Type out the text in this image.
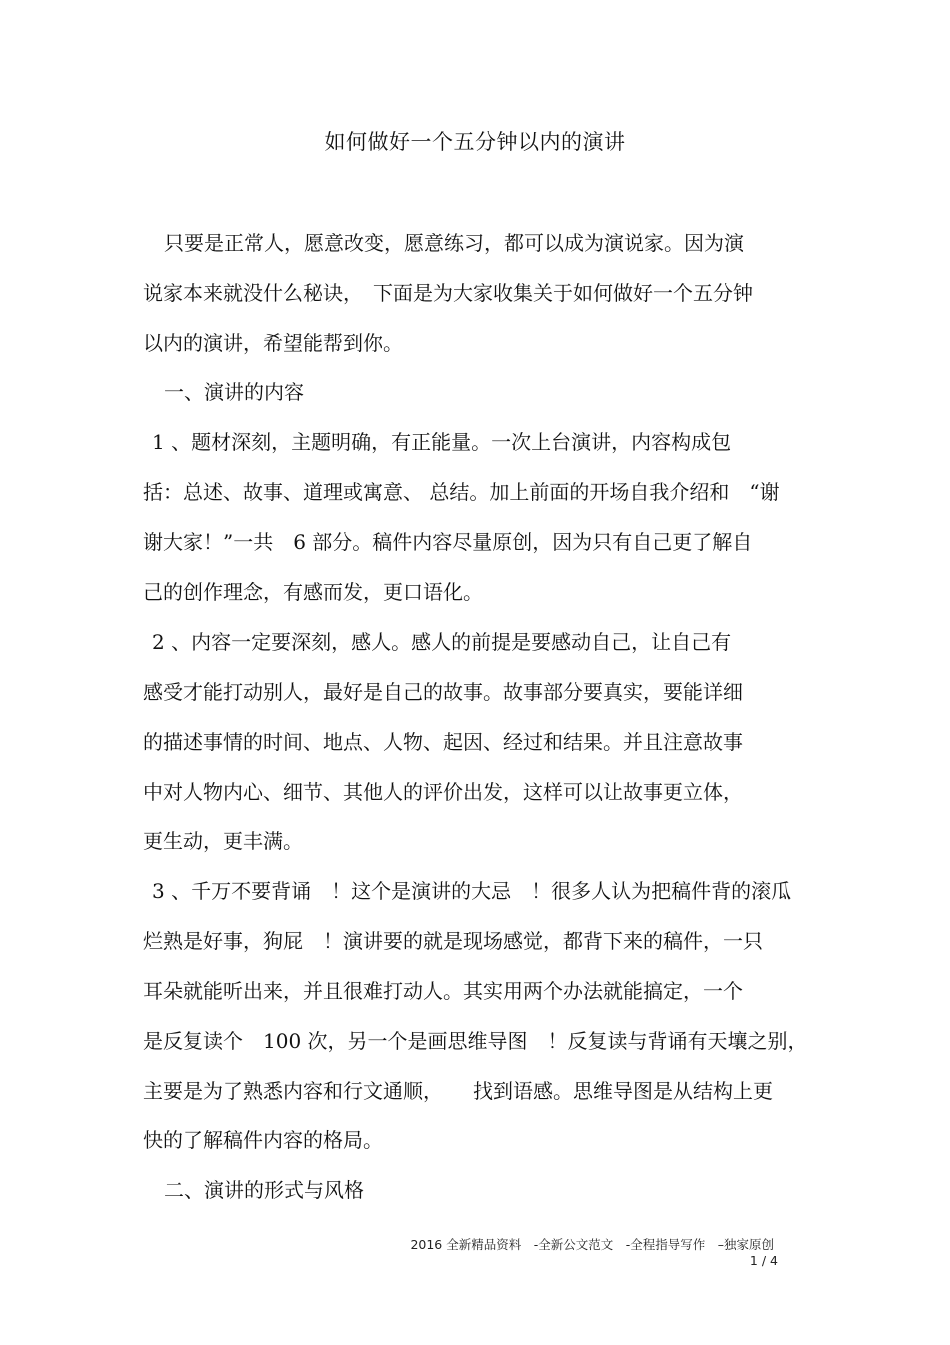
如何做好一个五分钟以内的演讲
只要是正常人，愿意改变，愿意练习，都可以成为演说家。因为演
说家本来就没什么秘诀，　下面是为大家收集关于如何做好一个五分钟
以内的演讲，希望能帮到你。
一、演讲的内容
1 、题材深刻，主题明确，有正能量。一次上台演讲，内容构成包
括：总述、故事、道理或寓意、 总结。加上前面的开场自我介绍和　“谢
谢大家！”一共　6 部分。稿件内容尽量原创，因为只有自己更了解自
己的创作理念，有感而发，更口语化。
2 、内容一定要深刻，感人。感人的前提是要感动自己，让自己有
感受才能打动别人，最好是自己的故事。故事部分要真实，要能详细
的描述事情的时间、地点、人物、起因、经过和结果。并且注意故事
中对人物内心、细节、其他人的评价出发，这样可以让故事更立体，
更生动，更丰满。
3 、千万不要背诵　！这个是演讲的大忌　！很多人认为把稿件背的滚瓜
烂熟是好事，狗屁　！演讲要的就是现场感觉，都背下来的稿件，一只
耳朵就能听出来，并且很难打动人。其实用两个办法就能搞定，一个
是反复读个　100 次，另一个是画思维导图　！反复读与背诵有天壤之别，
主要是为了熟悉内容和行文通顺，　　找到语感。思维导图是从结构上更
快的了解稿件内容的格局。
二、演讲的形式与风格
2016 全新精品资料　-全新公文范文　-全程指导写作　–独家原创
1 / 4
